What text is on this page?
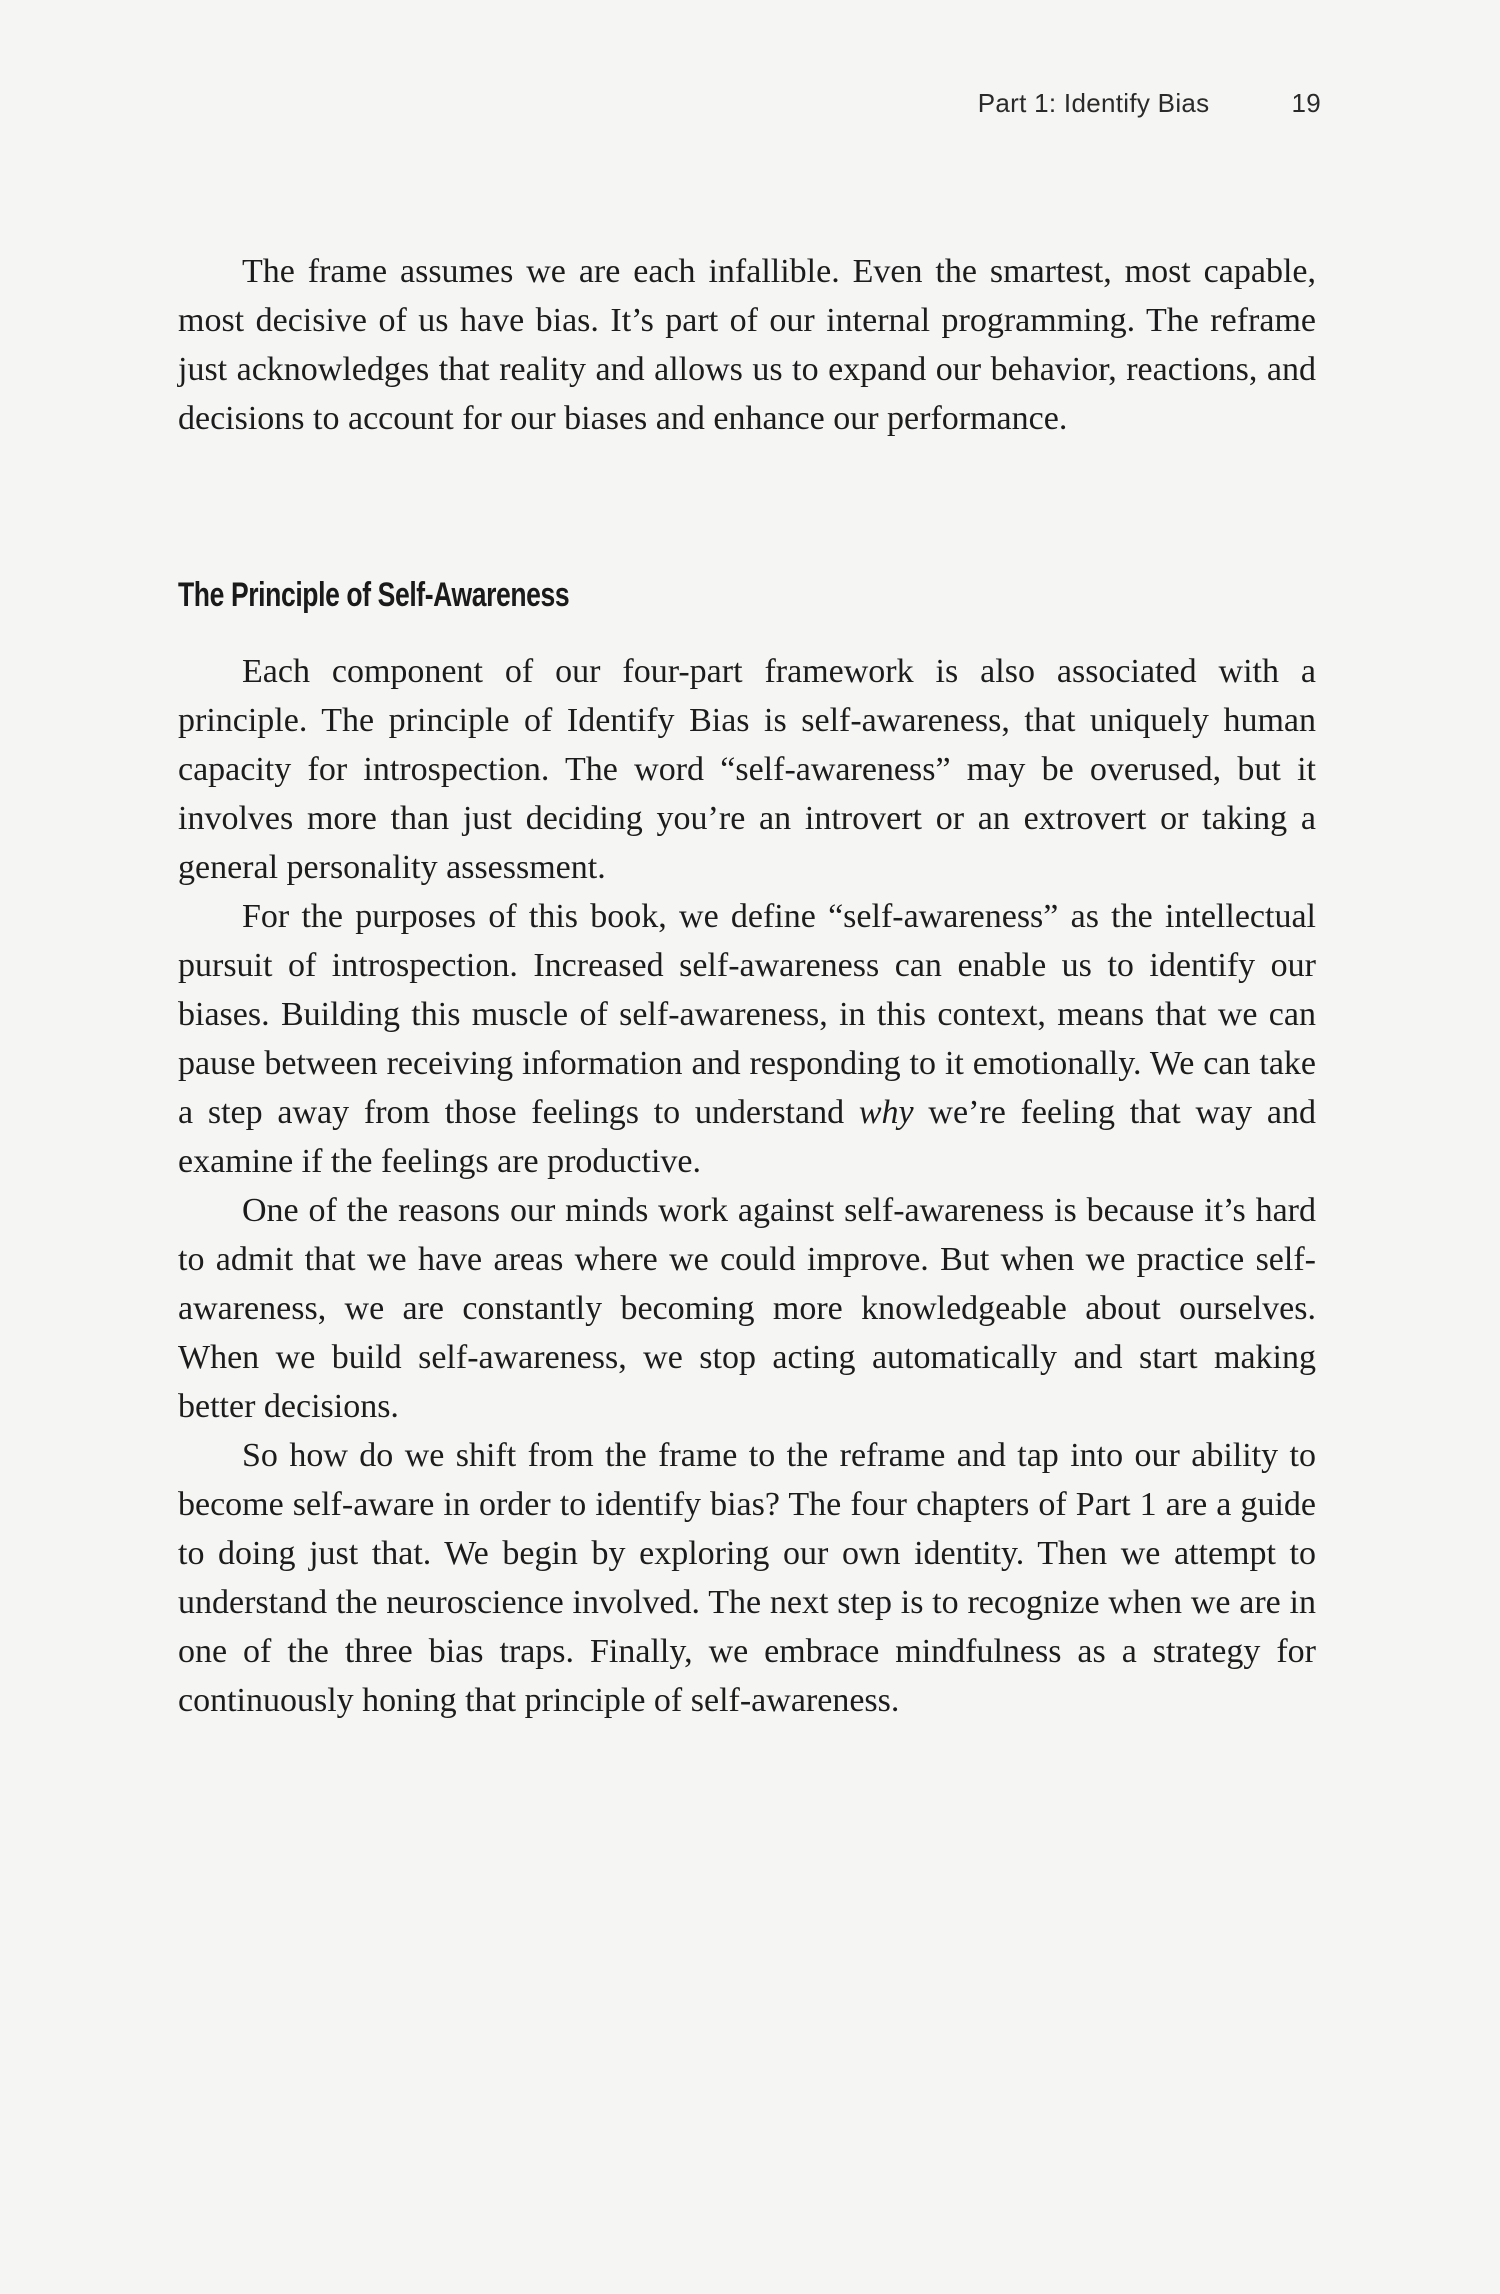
Part 1: Identify Bias	19

The frame assumes we are each infallible. Even the smartest, most capable, most decisive of us have bias. It’s part of our internal programming. The reframe just acknowledges that reality and allows us to expand our behavior, reactions, and decisions to account for our biases and enhance our performance.

The Principle of Self-Awareness

Each component of our four-part framework is also associated with a principle. The principle of Identify Bias is self-awareness, that uniquely human capacity for introspection. The word “self-awareness” may be overused, but it involves more than just deciding you’re an introvert or an extrovert or taking a general personality assessment.

For the purposes of this book, we define “self-awareness” as the intellectual pursuit of introspection. Increased self-awareness can enable us to identify our biases. Building this muscle of self-awareness, in this context, means that we can pause between receiving information and responding to it emotionally. We can take a step away from those feelings to understand why we’re feeling that way and examine if the feelings are productive.

One of the reasons our minds work against self-awareness is because it’s hard to admit that we have areas where we could improve. But when we practice self-awareness, we are constantly becoming more knowledgeable about ourselves. When we build self-awareness, we stop acting automatically and start making better decisions.

So how do we shift from the frame to the reframe and tap into our ability to become self-aware in order to identify bias? The four chapters of Part 1 are a guide to doing just that. We begin by exploring our own identity. Then we attempt to understand the neuroscience involved. The next step is to recognize when we are in one of the three bias traps. Finally, we embrace mindfulness as a strategy for continuously honing that principle of self-awareness.
